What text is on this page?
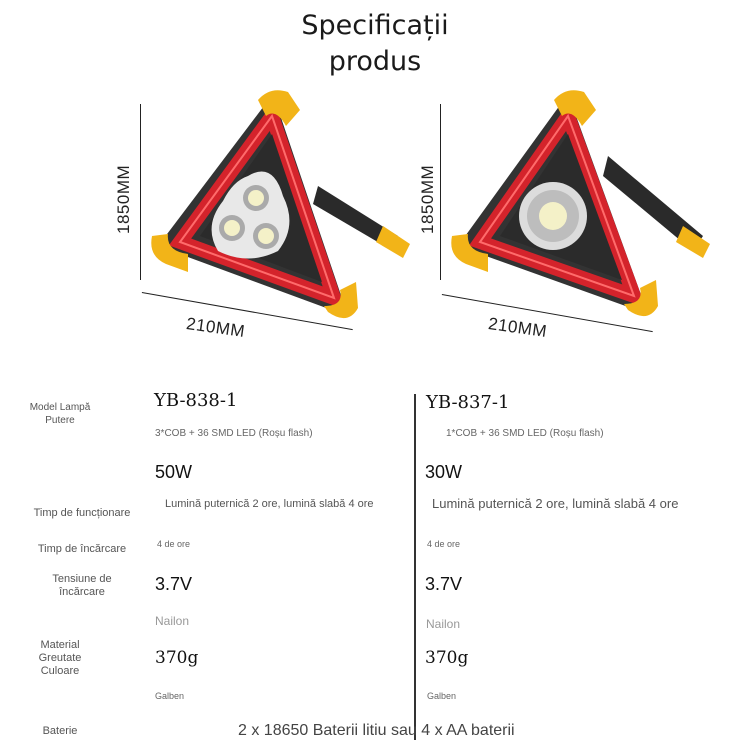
Specificații
produs
1850MM
210MM
1850MM
210MM
Model Lampă
Putere
Timp de funcționare
Timp de încărcare
Tensiune de
încărcare
Material
Greutate
Culoare
Baterie
YB-838-1
3*COB + 36 SMD LED (Roșu flash)
50W
Lumină puternică 2 ore, lumină slabă 4 ore
4 de ore
3.7V
Nailon
370g
Galben
YB-837-1
1*COB + 36 SMD LED (Roșu flash)
30W
Lumină puternică 2 ore, lumină slabă 4 ore
4 de ore
3.7V
Nailon
370g
Galben
2 x 18650 Baterii litiu sau 4 x AA baterii
